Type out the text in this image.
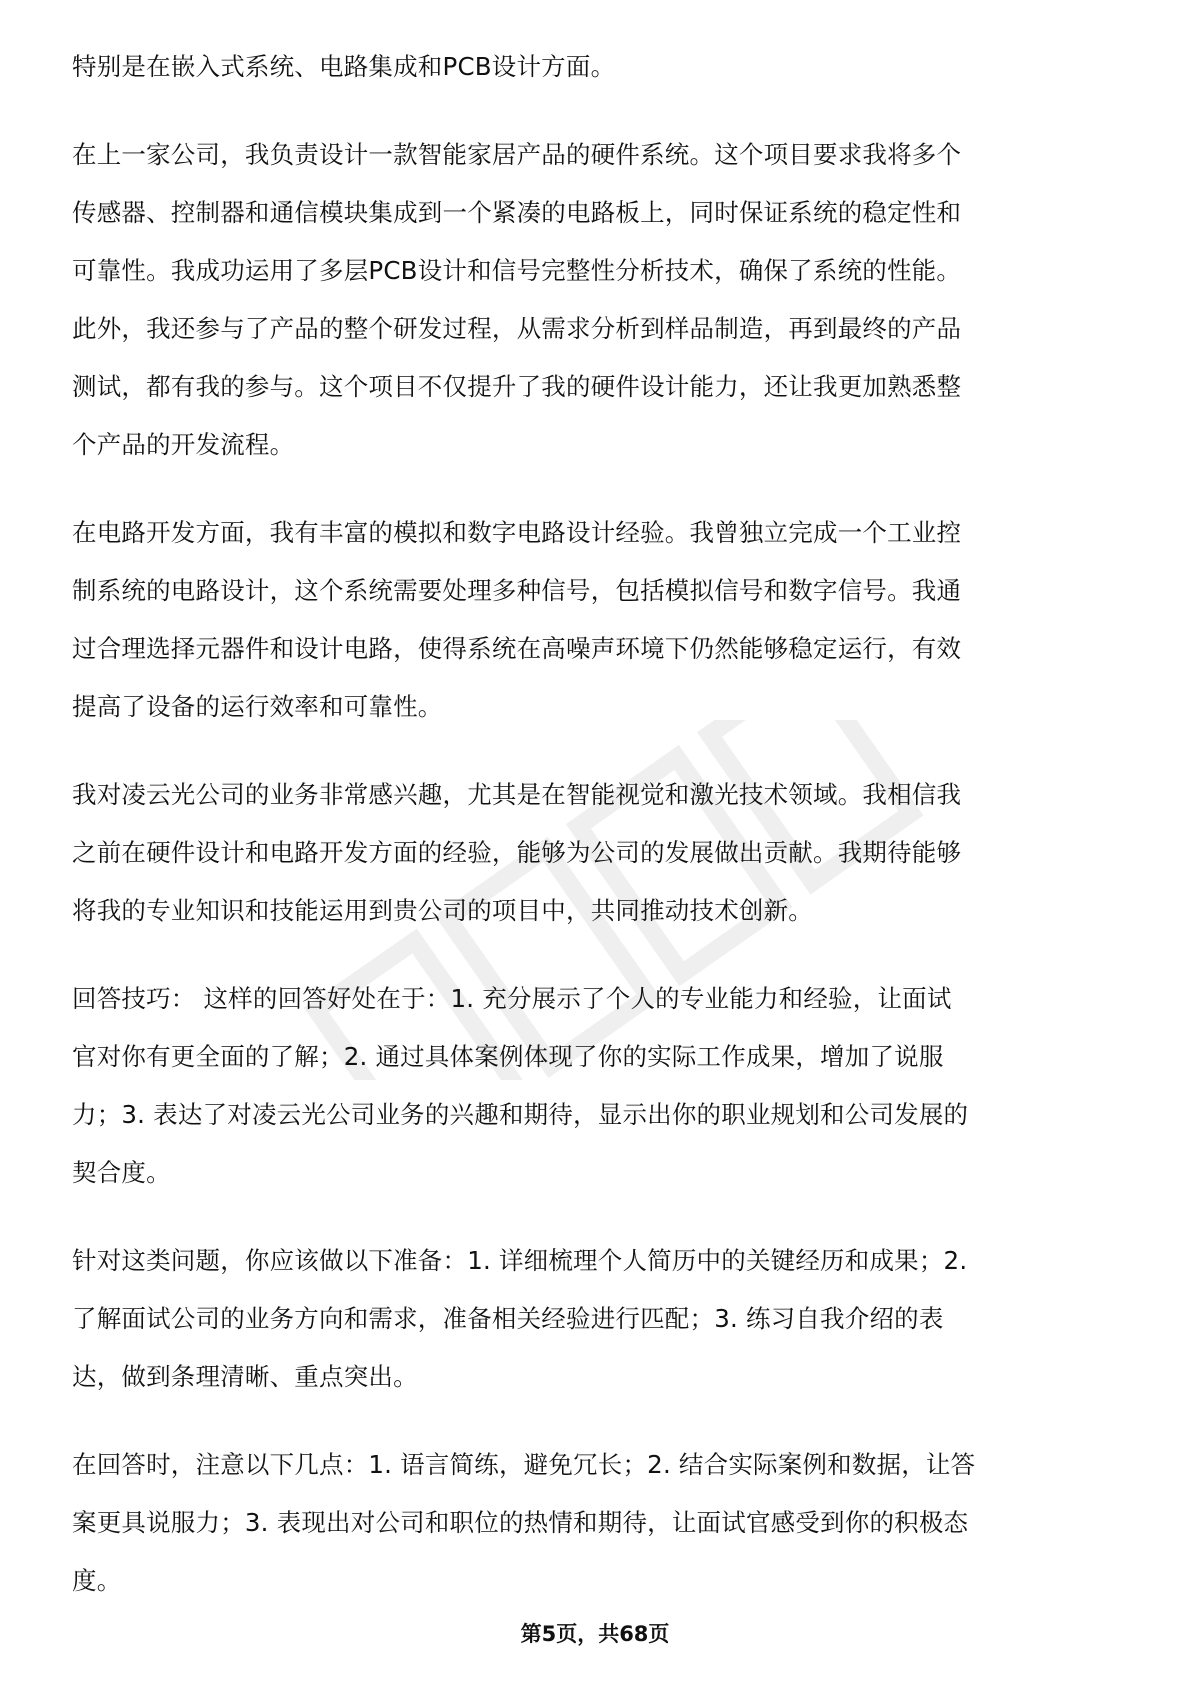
特别是在嵌入式系统、电路集成和PCB设计方面。

在上一家公司，我负责设计一款智能家居产品的硬件系统。这个项目要求我将多个
传感器、控制器和通信模块集成到一个紧凑的电路板上，同时保证系统的稳定性和
可靠性。我成功运用了多层PCB设计和信号完整性分析技术，确保了系统的性能。
此外，我还参与了产品的整个研发过程，从需求分析到样品制造，再到最终的产品
测试，都有我的参与。这个项目不仅提升了我的硬件设计能力，还让我更加熟悉整
个产品的开发流程。

在电路开发方面，我有丰富的模拟和数字电路设计经验。我曾独立完成一个工业控
制系统的电路设计，这个系统需要处理多种信号，包括模拟信号和数字信号。我通
过合理选择元器件和设计电路，使得系统在高噪声环境下仍然能够稳定运行，有效
提高了设备的运行效率和可靠性。

我对凌云光公司的业务非常感兴趣，尤其是在智能视觉和激光技术领域。我相信我
之前在硬件设计和电路开发方面的经验，能够为公司的发展做出贡献。我期待能够
将我的专业知识和技能运用到贵公司的项目中，共同推动技术创新。

回答技巧： 这样的回答好处在于：1. 充分展示了个人的专业能力和经验，让面试
官对你有更全面的了解；2. 通过具体案例体现了你的实际工作成果，增加了说服
力；3. 表达了对凌云光公司业务的兴趣和期待，显示出你的职业规划和公司发展的
契合度。

针对这类问题，你应该做以下准备：1. 详细梳理个人简历中的关键经历和成果；2.
了解面试公司的业务方向和需求，准备相关经验进行匹配；3. 练习自我介绍的表
达，做到条理清晰、重点突出。

在回答时，注意以下几点：1. 语言简练，避免冗长；2. 结合实际案例和数据，让答
案更具说服力；3. 表现出对公司和职位的热情和期待，让面试官感受到你的积极态
度。

第5页，共68页
